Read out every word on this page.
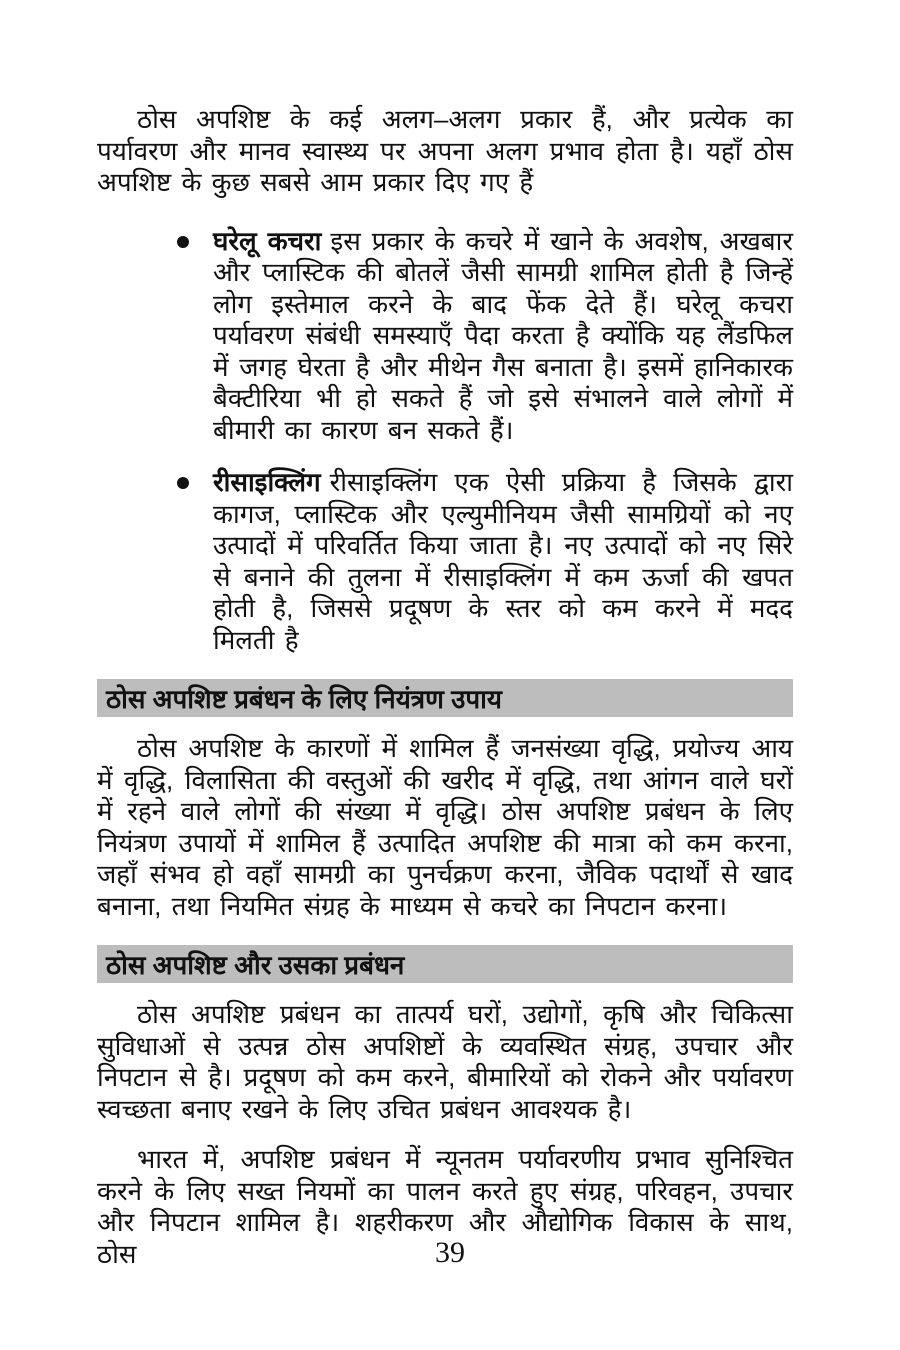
ठोस अपशिष्ट के कई अलग–अलग प्रकार हैं, और प्रत्येक का पर्यावरण और मानव स्वास्थ्य पर अपना अलग प्रभाव होता है। यहाँ ठोस अपशिष्ट के कुछ सबसे आम प्रकार दिए गए हैं

घरेलू कचरा इस प्रकार के कचरे में खाने के अवशेष, अखबार और प्लास्टिक की बोतलें जैसी सामग्री शामिल होती है जिन्हें लोग इस्तेमाल करने के बाद फेंक देते हैं। घरेलू कचरा पर्यावरण संबंधी समस्याएँ पैदा करता है क्योंकि यह लैंडफिल में जगह घेरता है और मीथेन गैस बनाता है। इसमें हानिकारक बैक्टीरिया भी हो सकते हैं जो इसे संभालने वाले लोगों में बीमारी का कारण बन सकते हैं।

रीसाइक्लिंग रीसाइक्लिंग एक ऐसी प्रक्रिया है जिसके द्वारा कागज, प्लास्टिक और एल्युमीनियम जैसी सामग्रियों को नए उत्पादों में परिवर्तित किया जाता है। नए उत्पादों को नए सिरे से बनाने की तुलना में रीसाइक्लिंग में कम ऊर्जा की खपत होती है, जिससे प्रदूषण के स्तर को कम करने में मदद मिलती है

ठोस अपशिष्ट प्रबंधन के लिए नियंत्रण उपाय

ठोस अपशिष्ट के कारणों में शामिल हैं जनसंख्या वृद्धि, प्रयोज्य आय में वृद्धि, विलासिता की वस्तुओं की खरीद में वृद्धि, तथा आंगन वाले घरों में रहने वाले लोगों की संख्या में वृद्धि। ठोस अपशिष्ट प्रबंधन के लिए नियंत्रण उपायों में शामिल हैं उत्पादित अपशिष्ट की मात्रा को कम करना, जहाँ संभव हो वहाँ सामग्री का पुनर्चक्रण करना, जैविक पदार्थों से खाद बनाना, तथा नियमित संग्रह के माध्यम से कचरे का निपटान करना।

ठोस अपशिष्ट और उसका प्रबंधन

ठोस अपशिष्ट प्रबंधन का तात्पर्य घरों, उद्योगों, कृषि और चिकित्सा सुविधाओं से उत्पन्न ठोस अपशिष्टों के व्यवस्थित संग्रह, उपचार और निपटान से है। प्रदूषण को कम करने, बीमारियों को रोकने और पर्यावरण स्वच्छता बनाए रखने के लिए उचित प्रबंधन आवश्यक है।

भारत में, अपशिष्ट प्रबंधन में न्यूनतम पर्यावरणीय प्रभाव सुनिश्चित करने के लिए सख्त नियमों का पालन करते हुए संग्रह, परिवहन, उपचार और निपटान शामिल है। शहरीकरण और औद्योगिक विकास के साथ, ठोस	39
